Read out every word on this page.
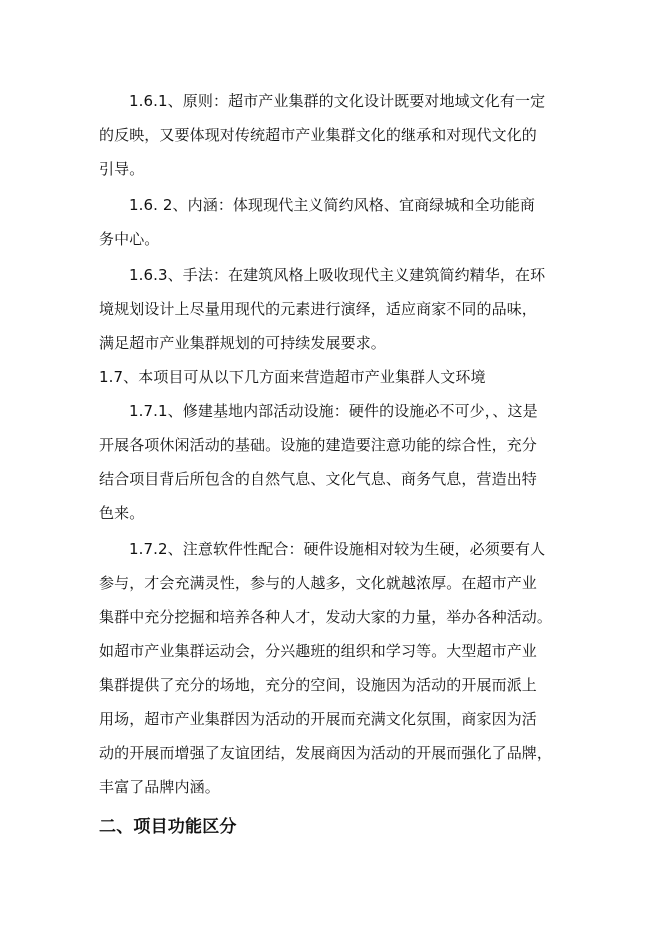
1.6.1、原则：超市产业集群的文化设计既要对地域文化有一定
的反映，又要体现对传统超市产业集群文化的继承和对现代文化的
引导。
1.6. 2、内涵：体现现代主义简约风格、宜商绿城和全功能商
务中心。
1.6.3、手法：在建筑风格上吸收现代主义建筑简约精华，在环
境规划设计上尽量用现代的元素进行演绎，适应商家不同的品味，
满足超市产业集群规划的可持续发展要求。
1.7、本项目可从以下几方面来营造超市产业集群人文环境
1.7.1、修建基地内部活动设施：硬件的设施必不可少，、这是
开展各项休闲活动的基础。设施的建造要注意功能的综合性，充分
结合项目背后所包含的自然气息、文化气息、商务气息，营造出特
色来。
1.7.2、注意软件性配合：硬件设施相对较为生硬，必须要有人
参与，才会充满灵性，参与的人越多，文化就越浓厚。在超市产业
集群中充分挖掘和培养各种人才，发动大家的力量，举办各种活动。
如超市产业集群运动会，分兴趣班的组织和学习等。大型超市产业
集群提供了充分的场地，充分的空间，设施因为活动的开展而派上
用场，超市产业集群因为活动的开展而充满文化氛围，商家因为活
动的开展而增强了友谊团结，发展商因为活动的开展而强化了品牌，
丰富了品牌内涵。
二、项目功能区分
